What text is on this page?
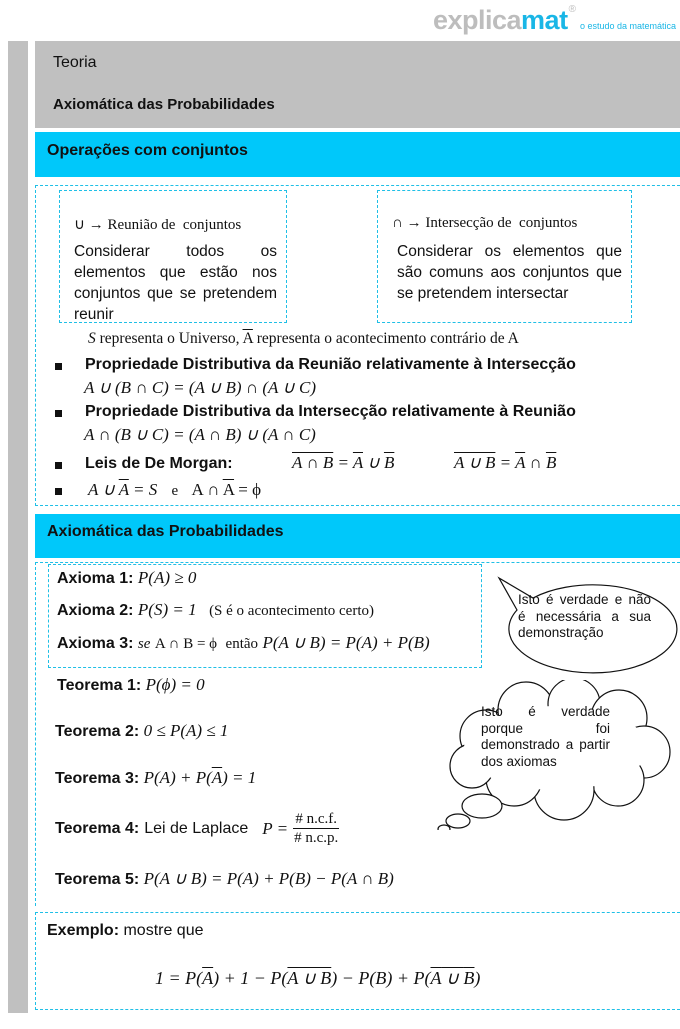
explica mat ®
o estudo da matemática
Teoria
Axiomática das Probabilidades
Operações com conjuntos
∪ → Reunião de  conjuntos
Considerar todos os elementos que estão nos conjuntos que se pretendem reunir
∩ → Intersecção de  conjuntos
Considerar os elementos que são comuns aos conjuntos que se pretendem intersectar
S representa o Universo, $\overline{A}$ representa o acontecimento contrário de A
Propriedade Distributiva da Reunião relativamente à Intersecção
A ∪ (B ∩ C) = (A ∪ B) ∩ (A ∪ C)
Propriedade Distributiva da Intersecção relativamente à Reunião
A ∩ (B ∪ C) = (A ∩ B) ∪ (A ∩ C)
Leis de De Morgan:	A ∩ $B = \overline{A}$ ∪ $\overline{B}$	A ∪ $B = \overline{A}$ ∩ $\overline{B}$
A ∪ $\overline{A} = S$ e A ∩ $\overline{A} = \phi$
Axiomática das Probabilidades
Axioma 1: P(A) ≥ 0
Axioma 2: P(S) = 1 (S é o acontecimento certo)
Axioma 3: se A ∩ B = ϕ então P(A ∪ B) = P(A) + P(B)
Isto é verdade e não é necessária a sua demonstração
Isto é verdade porque foi demonstrado a partir dos axiomas
Teorema 1: P(ϕ) = 0
Teorema 2: 0 ≤ P(A) ≤ 1
Teorema 3: $P(A) + P(\overline{A}) = 1$
Teorema 4: Lei de Laplace $P = \frac{\# n.c.f.}{\# n.c.p.}$
Teorema 5: P(A ∪ B) = P(A) + P(B) − P(A ∩ B)
Exemplo: mostre que
$1 = P(\overline{A}) + 1 - P(A$ ∪ B) − P(B) + P(A ∪ B)
